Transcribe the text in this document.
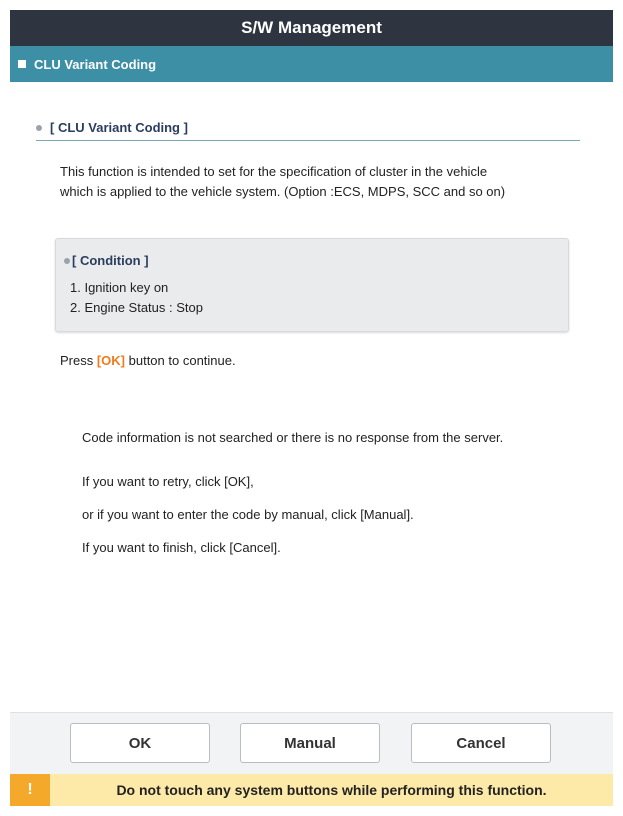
S/W Management
CLU Variant Coding
[ CLU Variant Coding ]
This function is intended to set for the specification of cluster in the vehicle
which is applied to the vehicle system. (Option :ECS, MDPS, SCC and so on)
[ Condition ]
1. Ignition key on
2. Engine Status : Stop
Press [OK] button to continue.
Code information is not searched or there is no response from the server.
If you want to retry, click [OK],
or if you want to enter the code by manual, click [Manual].
If you want to finish, click [Cancel].
OK	Manual	Cancel
!	Do not touch any system buttons while performing this function.
